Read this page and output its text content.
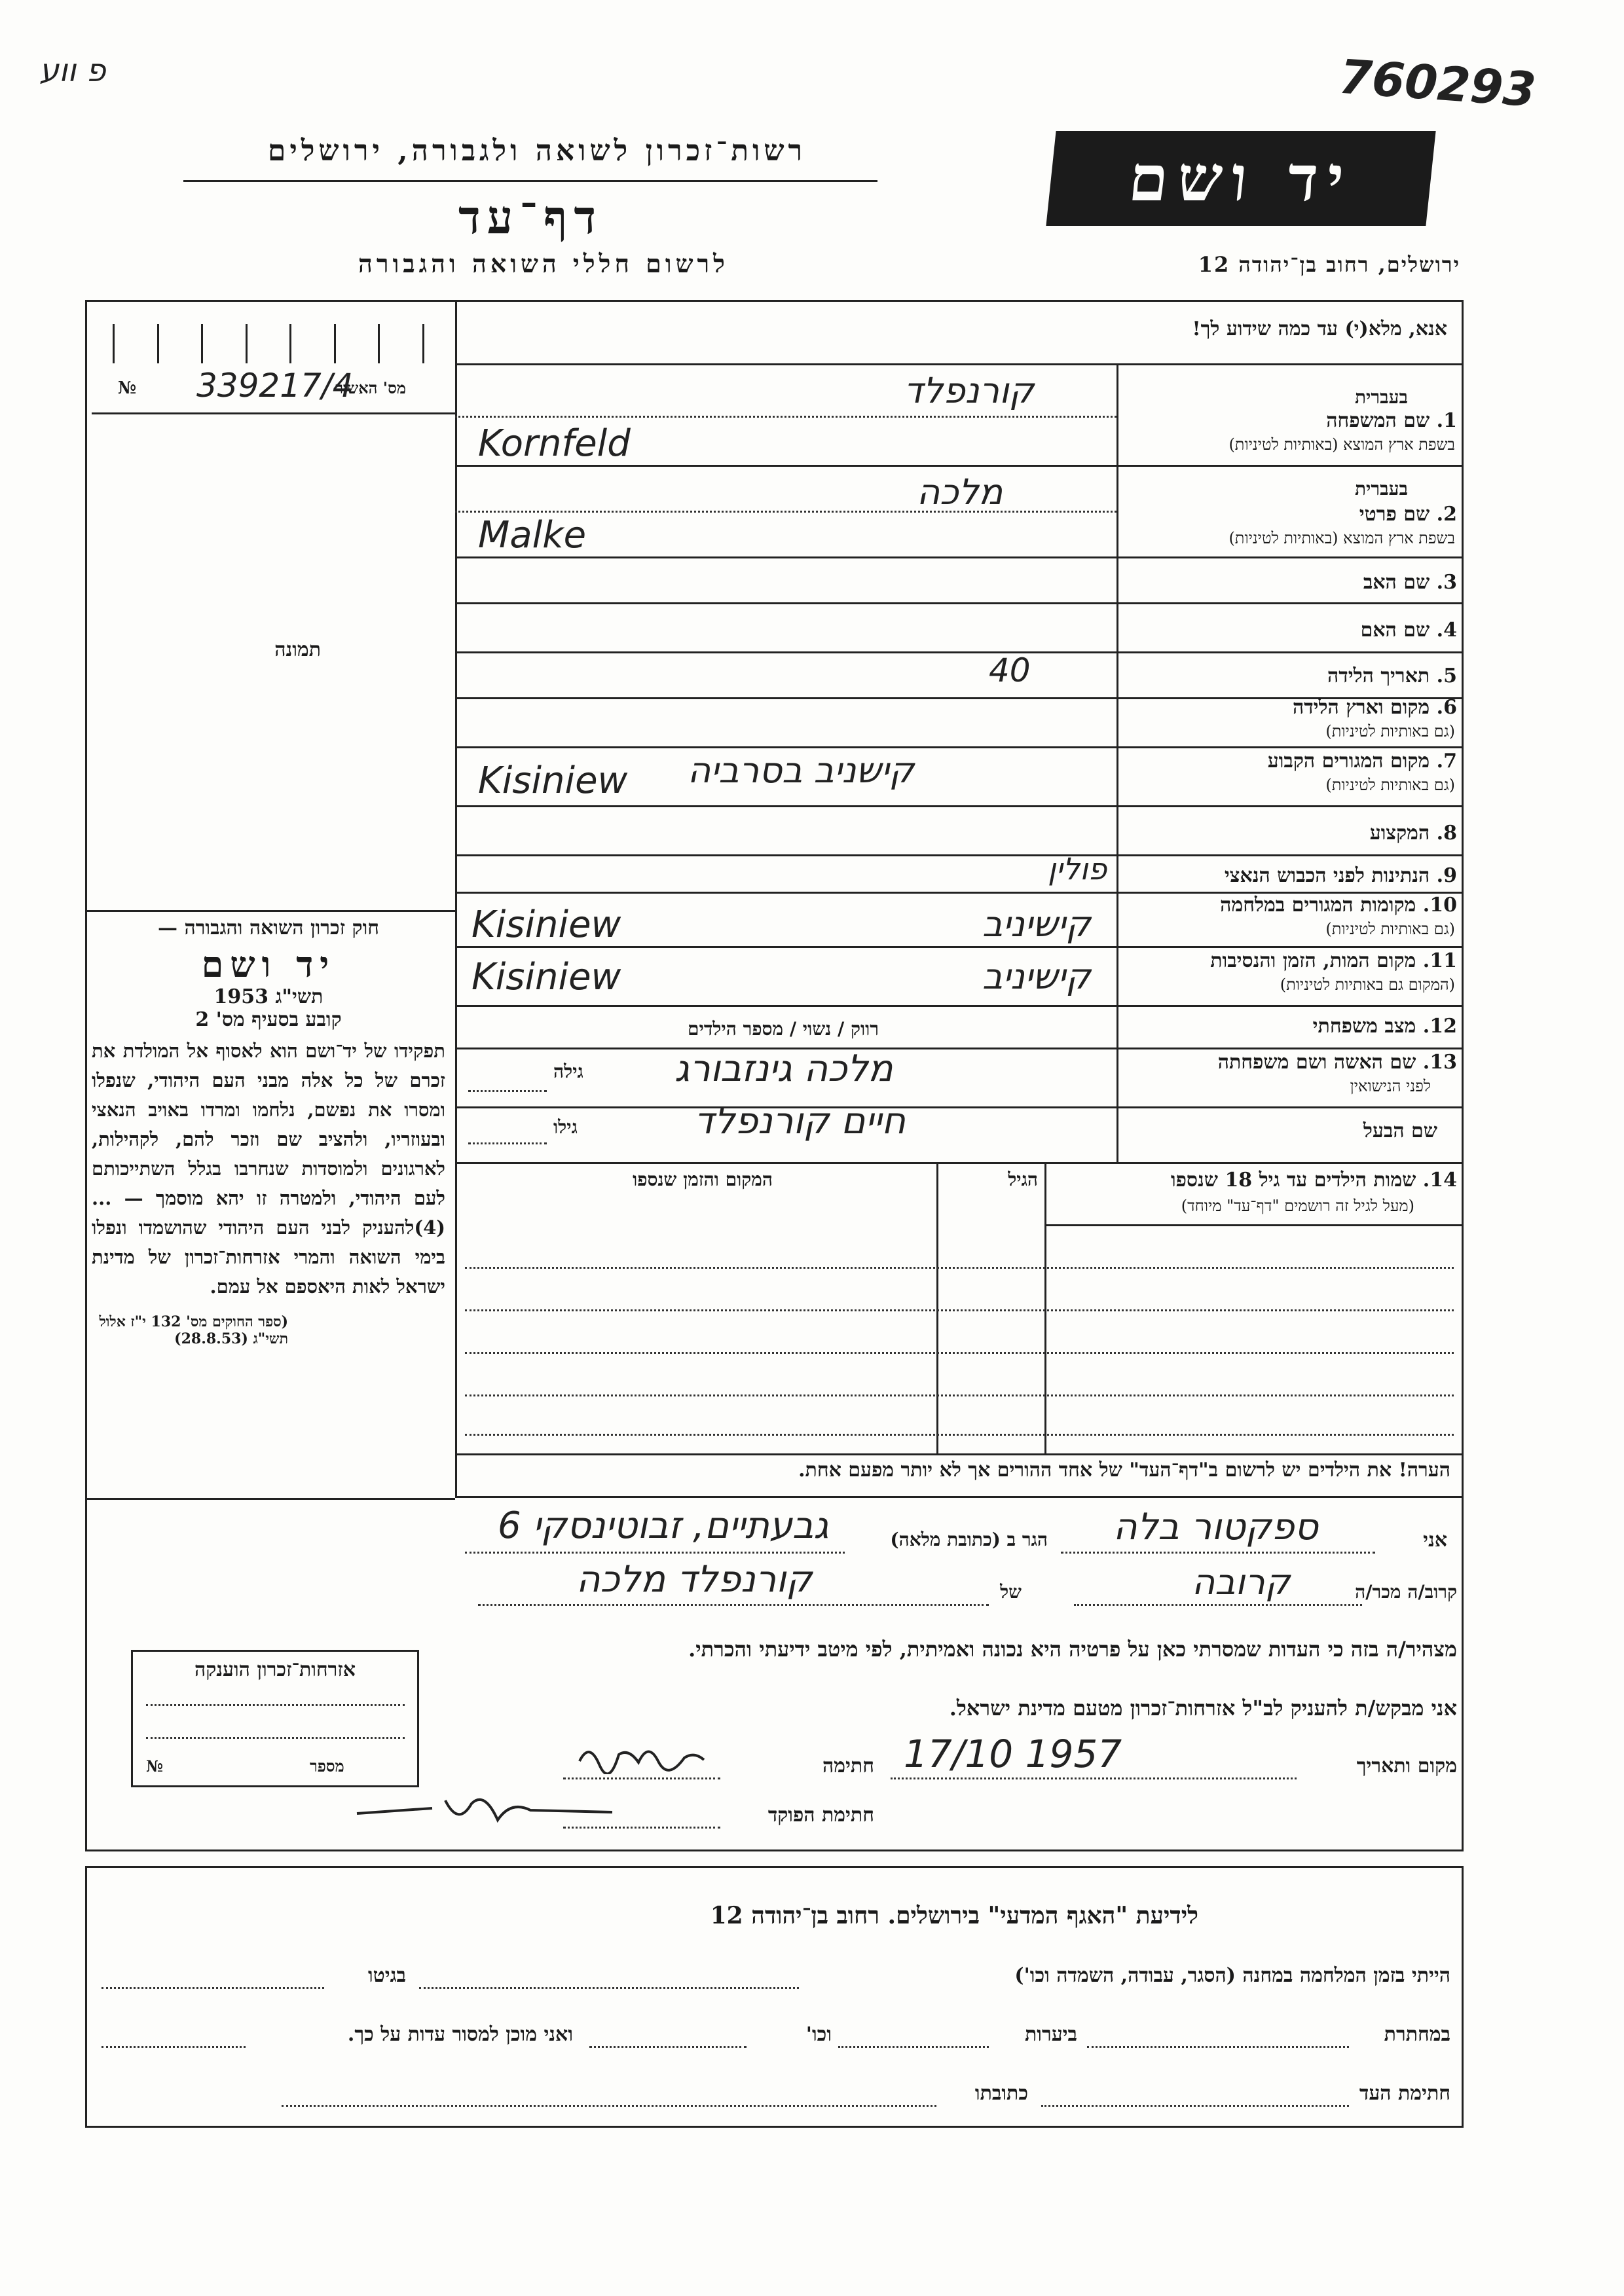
פ ווע	760293
רשות־זכרון לשואה ולגבורה, ירושלים
דף־עד
לרשום חללי השואה והגבורה
יד ושם
ירושלים, רחוב בן־יהודה 12
אנא, מלא(י) עד כמה שידוע לך!
מס' האשור
№ 339217/4
תמונה
בעברית
1. שם המשפחה
בשפת ארץ המוצא (באותיות לטיניות)
קורנפלד
Kornfeld
בעברית
2. שם פרטי
בשפת ארץ המוצא (באותיות לטיניות)
מלכה
Malke
3. שם האב
4. שם האם
5. תאריך הלידה
40
6. מקום וארץ הלידה
(גם באותיות לטיניות)
7. מקום המגורים הקבוע
(גם באותיות לטיניות)
קישניב בסרביה
Kisiniew
8. המקצוע
9. הנתינות לפני הכבוש הנאצי
פולין
10. מקומות המגורים במלחמה
(גם באותיות לטיניות)
קישיניב
Kisiniew
11. מקום המות, הזמן והנסיבות
(המקום גם באותיות לטיניות)
קישיניב
Kisiniew
12. מצב משפחתי
רווק / נשוי / מספר הילדים
13. שם האשה ושם משפחתה
לפני הנישואין
מלכה גינזבורג
גילה
שם הבעל
חיים קורנפלד
גילו
14. שמות הילדים עד גיל 18 שנספו
(מעל לגיל זה רושמים "דף־עד" מיוחד)
הגיל
המקום והזמן שנספו
הערה! את הילדים יש לרשום ב"דף־העד" של אחד ההורים אך לא יותר מפעם אחת.
חוק זכרון השואה והגבורה —
יד ושם
תשי"ג 1953
קובע בסעיף מס' 2
תפקידו של יד־ושם הוא לאסוף אל המולדת את זכרם של כל אלה מבני העם היהודי, שנפלו ומסרו את נפשם, נלחמו ומרדו באויב הנאצי ובעוזריו, ולהציב שם וזכר להם, לקהילות, לארגונים ולמוסדות שנחרבו בגלל השתייכותם לעם היהודי, ולמטרה זו יהא מוסמך — ...(4)להעניק לבני העם היהודי שהושמדו ונפלו בימי השואה והמרי אזרחות־זכרון של מדינת ישראל לאות היאספם אל עמם.
(ספר החוקים מס' 132 י"ז אלול תשי"ג (28.8.53)
אני
ספקטור בלה
הגר ב (כתובת מלאה)
גבעתיים, זבוטינסקי 6
קרוב/ה מכר/ה
קרובה
של
קורנפלד מלכה
מצהיר/ה בזה כי העדות שמסרתי כאן על פרטיה היא נכונה ואמיתית, לפי מיטב ידיעתי והכרתי.
אני מבקש/ת להעניק לב"ל אזרחות־זכרון מטעם מדינת ישראל.
מקום ותאריך
17/10 1957
חתימה
חתימת הפוקד
אזרחות־זכרון הוענקה
מספר
№
לידיעת "האגף המדעי" בירושלים. רחוב בן־יהודה 12
הייתי בזמן המלחמה במחנה (הסגר, עבודה, השמדה וכו')
בגיטו
במחתרת
ביערות
וכו'
ואני מוכן למסור עדות על כך.
חתימת העד
כתובתו
